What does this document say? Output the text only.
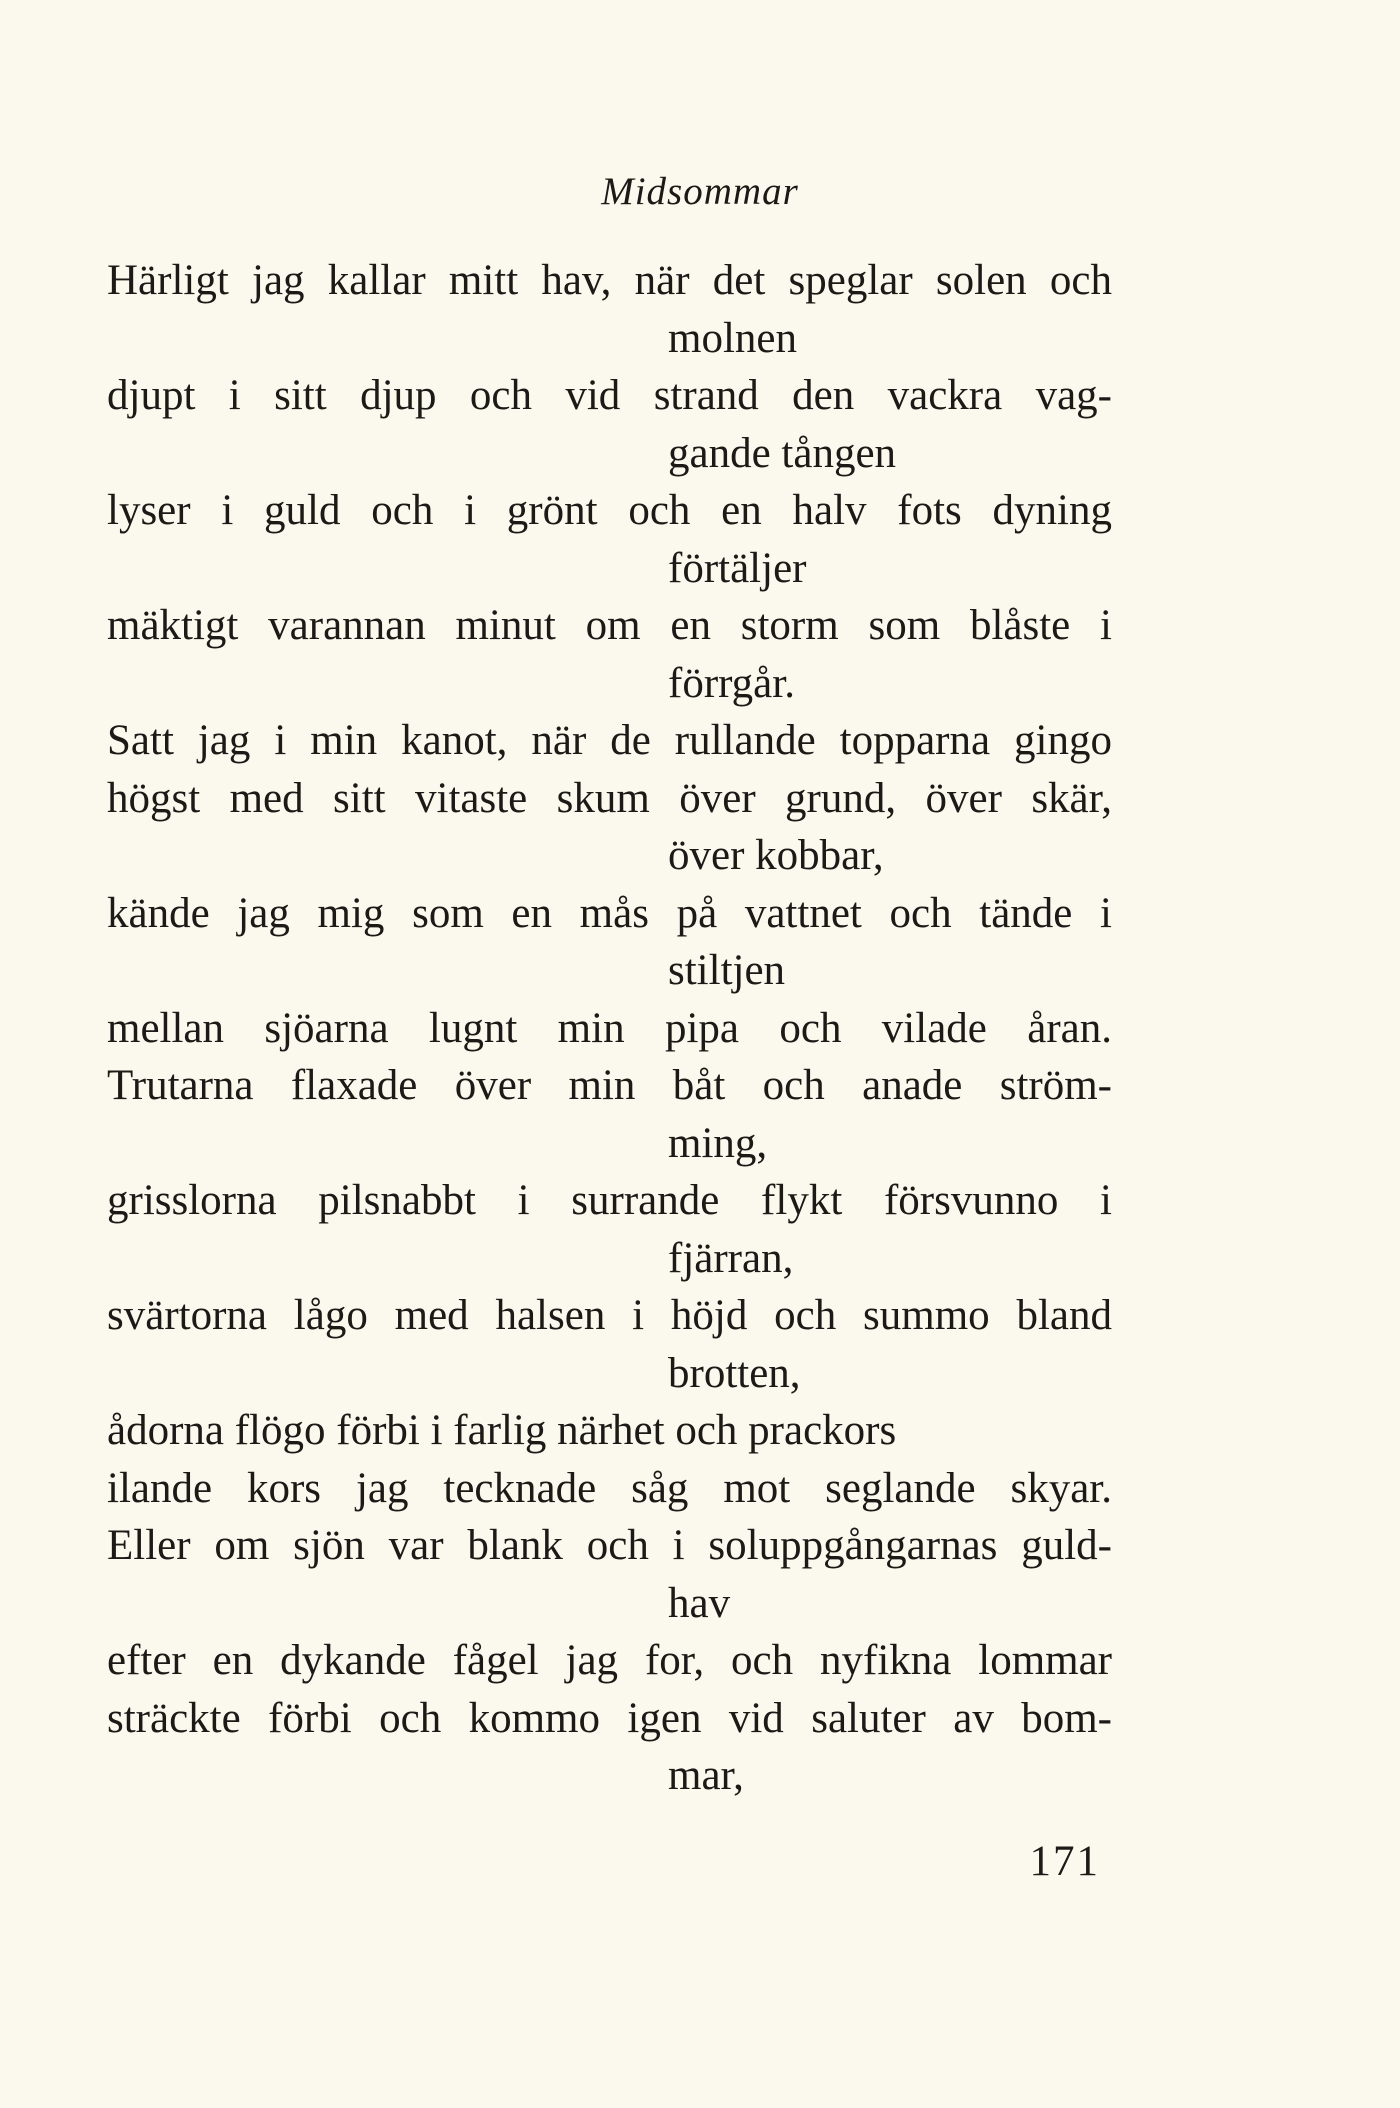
Midsommar
Härligt jag kallar mitt hav, när det speglar solen och
molnen
djupt i sitt djup och vid strand den vackra vag-
gande tången
lyser i guld och i grönt och en halv fots dyning
förtäljer
mäktigt varannan minut om en storm som blåste i
förrgår.
Satt jag i min kanot, när de rullande topparna gingo
högst med sitt vitaste skum över grund, över skär,
över kobbar,
kände jag mig som en mås på vattnet och tände i
stiltjen
mellan sjöarna lugnt min pipa och vilade åran.
Trutarna flaxade över min båt och anade ström-
ming,
grisslorna pilsnabbt i surrande flykt försvunno i
fjärran,
svärtorna lågo med halsen i höjd och summo bland
brotten,
ådorna flögo förbi i farlig närhet och prackors
ilande kors jag tecknade såg mot seglande skyar.
Eller om sjön var blank och i soluppgångarnas guld-
hav
efter en dykande fågel jag for, och nyfikna lommar
sträckte förbi och kommo igen vid saluter av bom-
mar,
171
